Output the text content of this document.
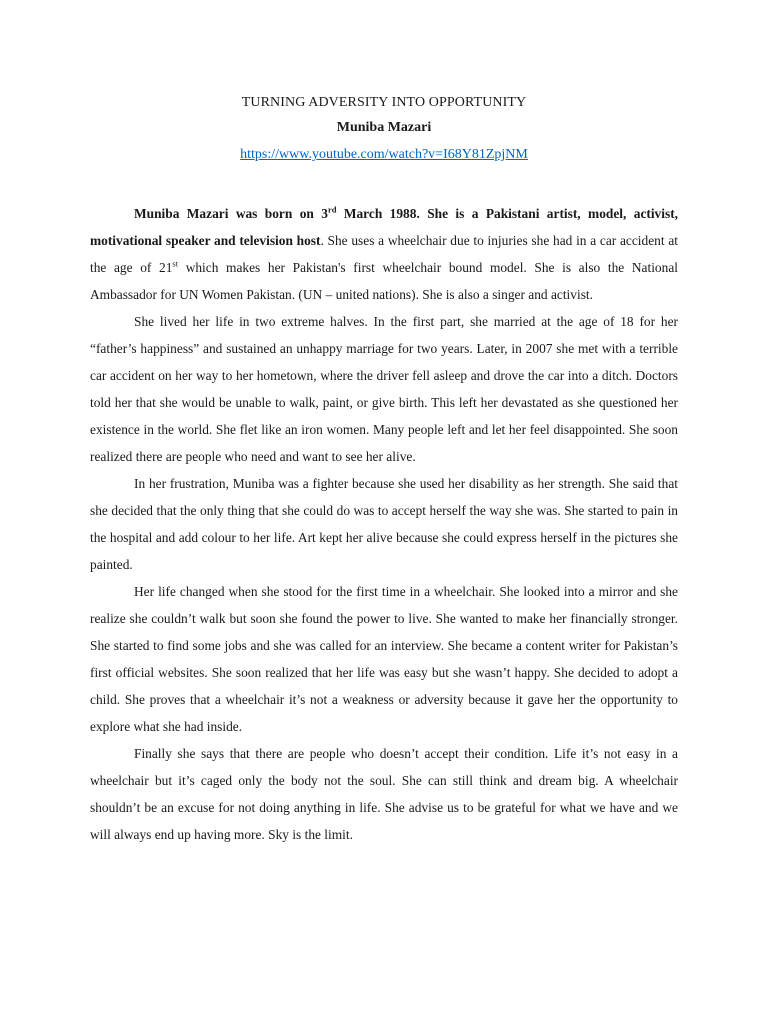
TURNING ADVERSITY INTO OPPORTUNITY

Muniba Mazari

https://www.youtube.com/watch?v=I68Y81ZpjNM

Muniba Mazari was born on 3rd March 1988. She is a Pakistani artist, model, activist, motivational speaker and television host. She uses a wheelchair due to injuries she had in a car accident at the age of 21st which makes her Pakistan's first wheelchair bound model. She is also the National Ambassador for UN Women Pakistan. (UN – united nations). She is also a singer and activist.

She lived her life in two extreme halves. In the first part, she married at the age of 18 for her “father’s happiness” and sustained an unhappy marriage for two years. Later, in 2007 she met with a terrible car accident on her way to her hometown, where the driver fell asleep and drove the car into a ditch. Doctors told her that she would be unable to walk, paint, or give birth. This left her devastated as she questioned her existence in the world. She flet like an iron women. Many people left and let her feel disappointed. She soon realized there are people who need and want to see her alive.

In her frustration, Muniba was a fighter because she used her disability as her strength. She said that she decided that the only thing that she could do was to accept herself the way she was. She started to pain in the hospital and add colour to her life. Art kept her alive because she could express herself in the pictures she painted.

Her life changed when she stood for the first time in a wheelchair. She looked into a mirror and she realize she couldn’t walk but soon she found the power to live. She wanted to make her financially stronger. She started to find some jobs and she was called for an interview. She became a content writer for Pakistan’s first official websites. She soon realized that her life was easy but she wasn’t happy. She decided to adopt a child. She proves that a wheelchair it’s not a weakness or adversity because it gave her the opportunity to explore what she had inside.

Finally she says that there are people who doesn’t accept their condition. Life it’s not easy in a wheelchair but it’s caged only the body not the soul. She can still think and dream big. A wheelchair shouldn’t be an excuse for not doing anything in life. She advise us to be grateful for what we have and we will always end up having more. Sky is the limit.
